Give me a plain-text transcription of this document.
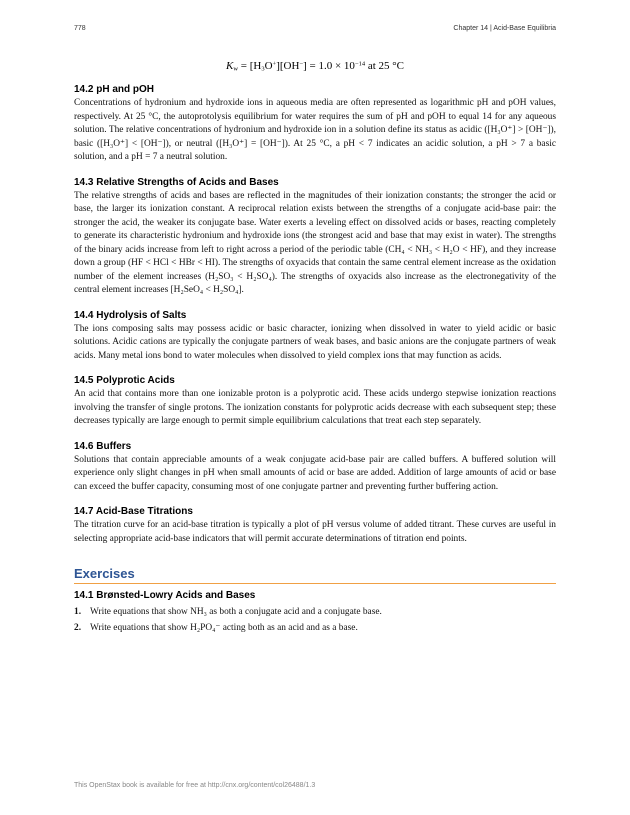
778	Chapter 14 | Acid-Base Equilibria
$K_w = [H_3O^+][OH^-] = 1.0 \times 10^{-14}$ at 25 °C
14.2 pH and pOH

Concentrations of hydronium and hydroxide ions in aqueous media are often represented as logarithmic pH and pOH values, respectively. At 25 °C, the autoprotolysis equilibrium for water requires the sum of pH and pOH to equal 14 for any aqueous solution. The relative concentrations of hydronium and hydroxide ion in a solution define its status as acidic ([H₃O⁺] > [OH⁻]), basic ([H₃O⁺] < [OH⁻]), or neutral ([H₃O⁺] = [OH⁻]). At 25 °C, a pH < 7 indicates an acidic solution, a pH > 7 a basic solution, and a pH = 7 a neutral solution.

14.3 Relative Strengths of Acids and Bases

The relative strengths of acids and bases are reflected in the magnitudes of their ionization constants; the stronger the acid or base, the larger its ionization constant. A reciprocal relation exists between the strengths of a conjugate acid-base pair: the stronger the acid, the weaker its conjugate base. Water exerts a leveling effect on dissolved acids or bases, reacting completely to generate its characteristic hydronium and hydroxide ions (the strongest acid and base that may exist in water). The strengths of the binary acids increase from left to right across a period of the periodic table (CH₄ < NH₃ < H₂O < HF), and they increase down a group (HF < HCl < HBr < HI). The strengths of oxyacids that contain the same central element increase as the oxidation number of the element increases (H₂SO₃ < H₂SO₄). The strengths of oxyacids also increase as the electronegativity of the central element increases [H₂SeO₄ < H₂SO₄].

14.4 Hydrolysis of Salts

The ions composing salts may possess acidic or basic character, ionizing when dissolved in water to yield acidic or basic solutions. Acidic cations are typically the conjugate partners of weak bases, and basic anions are the conjugate partners of weak acids. Many metal ions bond to water molecules when dissolved to yield complex ions that may function as acids.

14.5 Polyprotic Acids

An acid that contains more than one ionizable proton is a polyprotic acid. These acids undergo stepwise ionization reactions involving the transfer of single protons. The ionization constants for polyprotic acids decrease with each subsequent step; these decreases typically are large enough to permit simple equilibrium calculations that treat each step separately.

14.6 Buffers

Solutions that contain appreciable amounts of a weak conjugate acid-base pair are called buffers. A buffered solution will experience only slight changes in pH when small amounts of acid or base are added. Addition of large amounts of acid or base can exceed the buffer capacity, consuming most of one conjugate partner and preventing further buffering action.

14.7 Acid-Base Titrations

The titration curve for an acid-base titration is typically a plot of pH versus volume of added titrant. These curves are useful in selecting appropriate acid-base indicators that will permit accurate determinations of titration end points.

Exercises
14.1 Brønsted-Lowry Acids and Bases
1. Write equations that show NH₃ as both a conjugate acid and a conjugate base.
2. Write equations that show H₂PO₄⁻ acting both as an acid and as a base.
This OpenStax book is available for free at http://cnx.org/content/col26488/1.3
